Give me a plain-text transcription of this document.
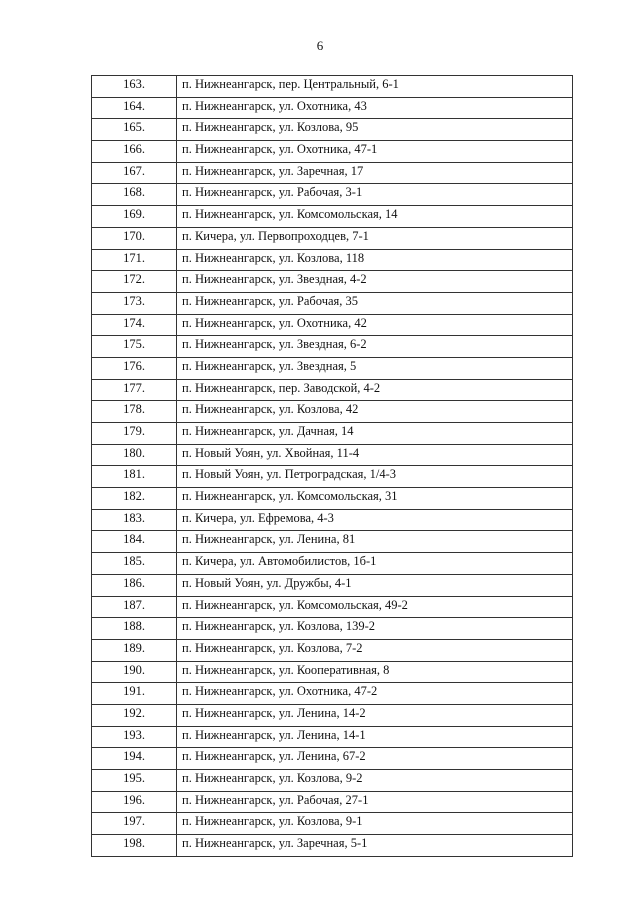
6
163.	п. Нижнеангарск, пер. Центральный, 6-1
164.	п. Нижнеангарск, ул. Охотника, 43
165.	п. Нижнеангарск, ул. Козлова, 95
166.	п. Нижнеангарск, ул. Охотника, 47-1
167.	п. Нижнеангарск, ул. Заречная, 17
168.	п. Нижнеангарск, ул. Рабочая, 3-1
169.	п. Нижнеангарск, ул. Комсомольская, 14
170.	п. Кичера, ул. Первопроходцев, 7-1
171.	п. Нижнеангарск, ул. Козлова, 118
172.	п. Нижнеангарск, ул. Звездная, 4-2
173.	п. Нижнеангарск, ул. Рабочая, 35
174.	п. Нижнеангарск, ул. Охотника, 42
175.	п. Нижнеангарск, ул. Звездная, 6-2
176.	п. Нижнеангарск, ул. Звездная, 5
177.	п. Нижнеангарск, пер. Заводской, 4-2
178.	п. Нижнеангарск, ул. Козлова, 42
179.	п. Нижнеангарск, ул. Дачная, 14
180.	п. Новый Уоян, ул. Хвойная, 11-4
181.	п. Новый Уоян, ул. Петроградская, 1/4-3
182.	п. Нижнеангарск, ул. Комсомольская, 31
183.	п. Кичера, ул. Ефремова, 4-3
184.	п. Нижнеангарск, ул. Ленина, 81
185.	п. Кичера, ул. Автомобилистов, 1б-1
186.	п. Новый Уоян, ул. Дружбы, 4-1
187.	п. Нижнеангарск, ул. Комсомольская, 49-2
188.	п. Нижнеангарск, ул. Козлова, 139-2
189.	п. Нижнеангарск, ул. Козлова, 7-2
190.	п. Нижнеангарск, ул. Кооперативная, 8
191.	п. Нижнеангарск, ул. Охотника, 47-2
192.	п. Нижнеангарск, ул. Ленина, 14-2
193.	п. Нижнеангарск, ул. Ленина, 14-1
194.	п. Нижнеангарск, ул. Ленина, 67-2
195.	п. Нижнеангарск, ул. Козлова, 9-2
196.	п. Нижнеангарск, ул. Рабочая, 27-1
197.	п. Нижнеангарск, ул. Козлова, 9-1
198.	п. Нижнеангарск, ул. Заречная, 5-1
